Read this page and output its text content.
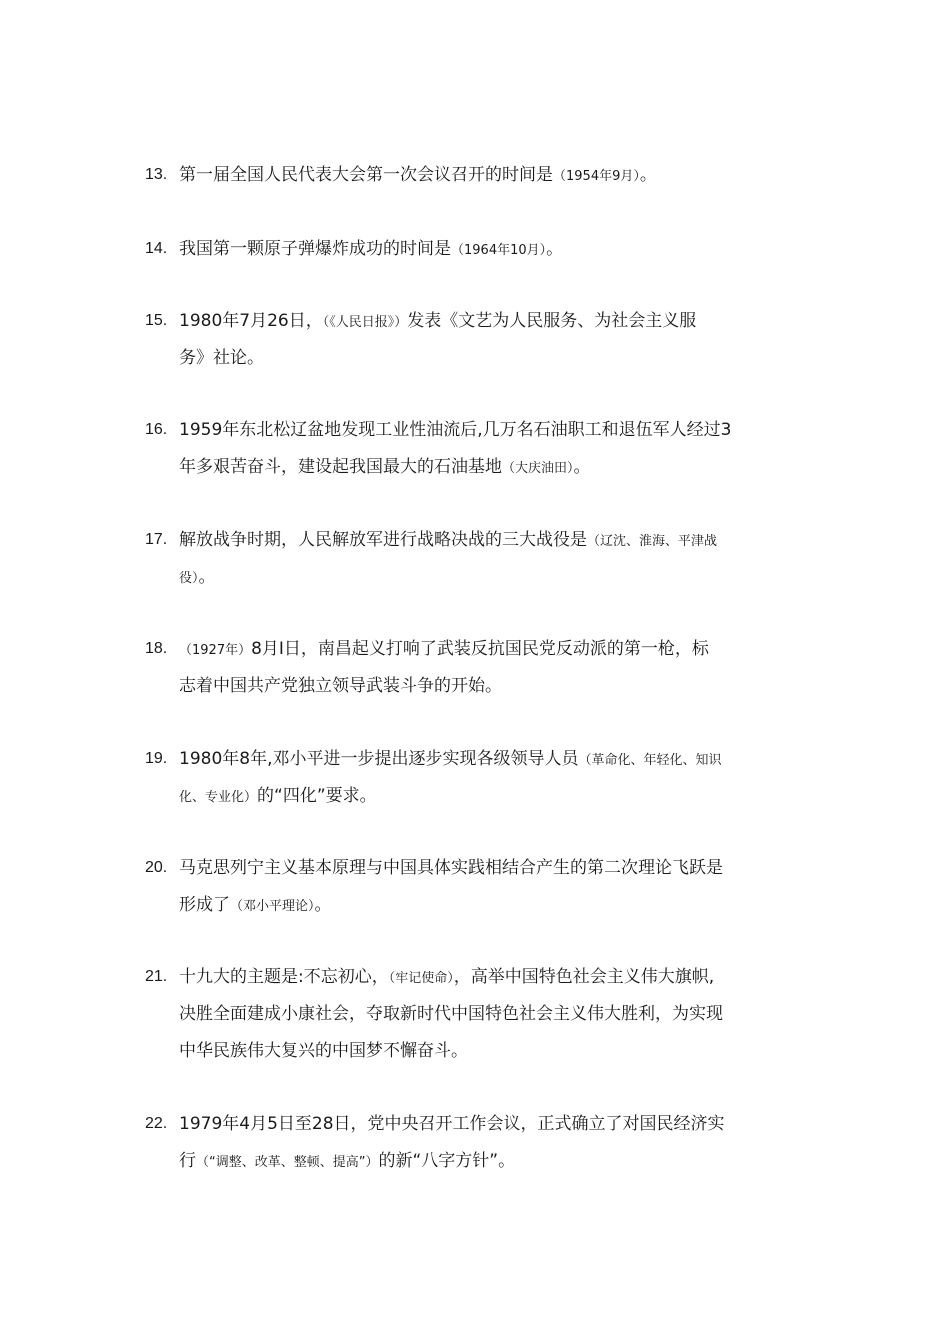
13. 第一届全国人民代表大会第一次会议召开的时间是（1954年9月）。
14. 我国第一颗原子弹爆炸成功的时间是（1964年10月）。
15. 1980年7月26日，（《人民日报》）发表《文艺为人民服务、为社会主义服
务》社论。
16. 1959年东北松辽盆地发现工业性油流后,几万名石油职工和退伍军人经过3
年多艰苦奋斗，建设起我国最大的石油基地（大庆油田）。
17. 解放战争时期，人民解放军进行战略决战的三大战役是（辽沈、淮海、平津战
役）。
18. （1927年）8月I日，南昌起义打响了武装反抗国民党反动派的第一枪，标
志着中国共产党独立领导武装斗争的开始。
19. 1980年8年,邓小平进一步提出逐步实现各级领导人员（革命化、年轻化、知识
化、专业化）的“四化”要求。
20. 马克思列宁主义基本原理与中国具体实践相结合产生的第二次理论飞跃是
形成了（邓小平理论）。
21. 十九大的主题是:不忘初心，（牢记使命），高举中国特色社会主义伟大旗帜,
决胜全面建成小康社会，夺取新时代中国特色社会主义伟大胜利，为实现
中华民族伟大复兴的中国梦不懈奋斗。
22. 1979年4月5日至28日，党中央召开工作会议，正式确立了对国民经济实
行（“调整、改革、整顿、提高”）的新“八字方针”。
